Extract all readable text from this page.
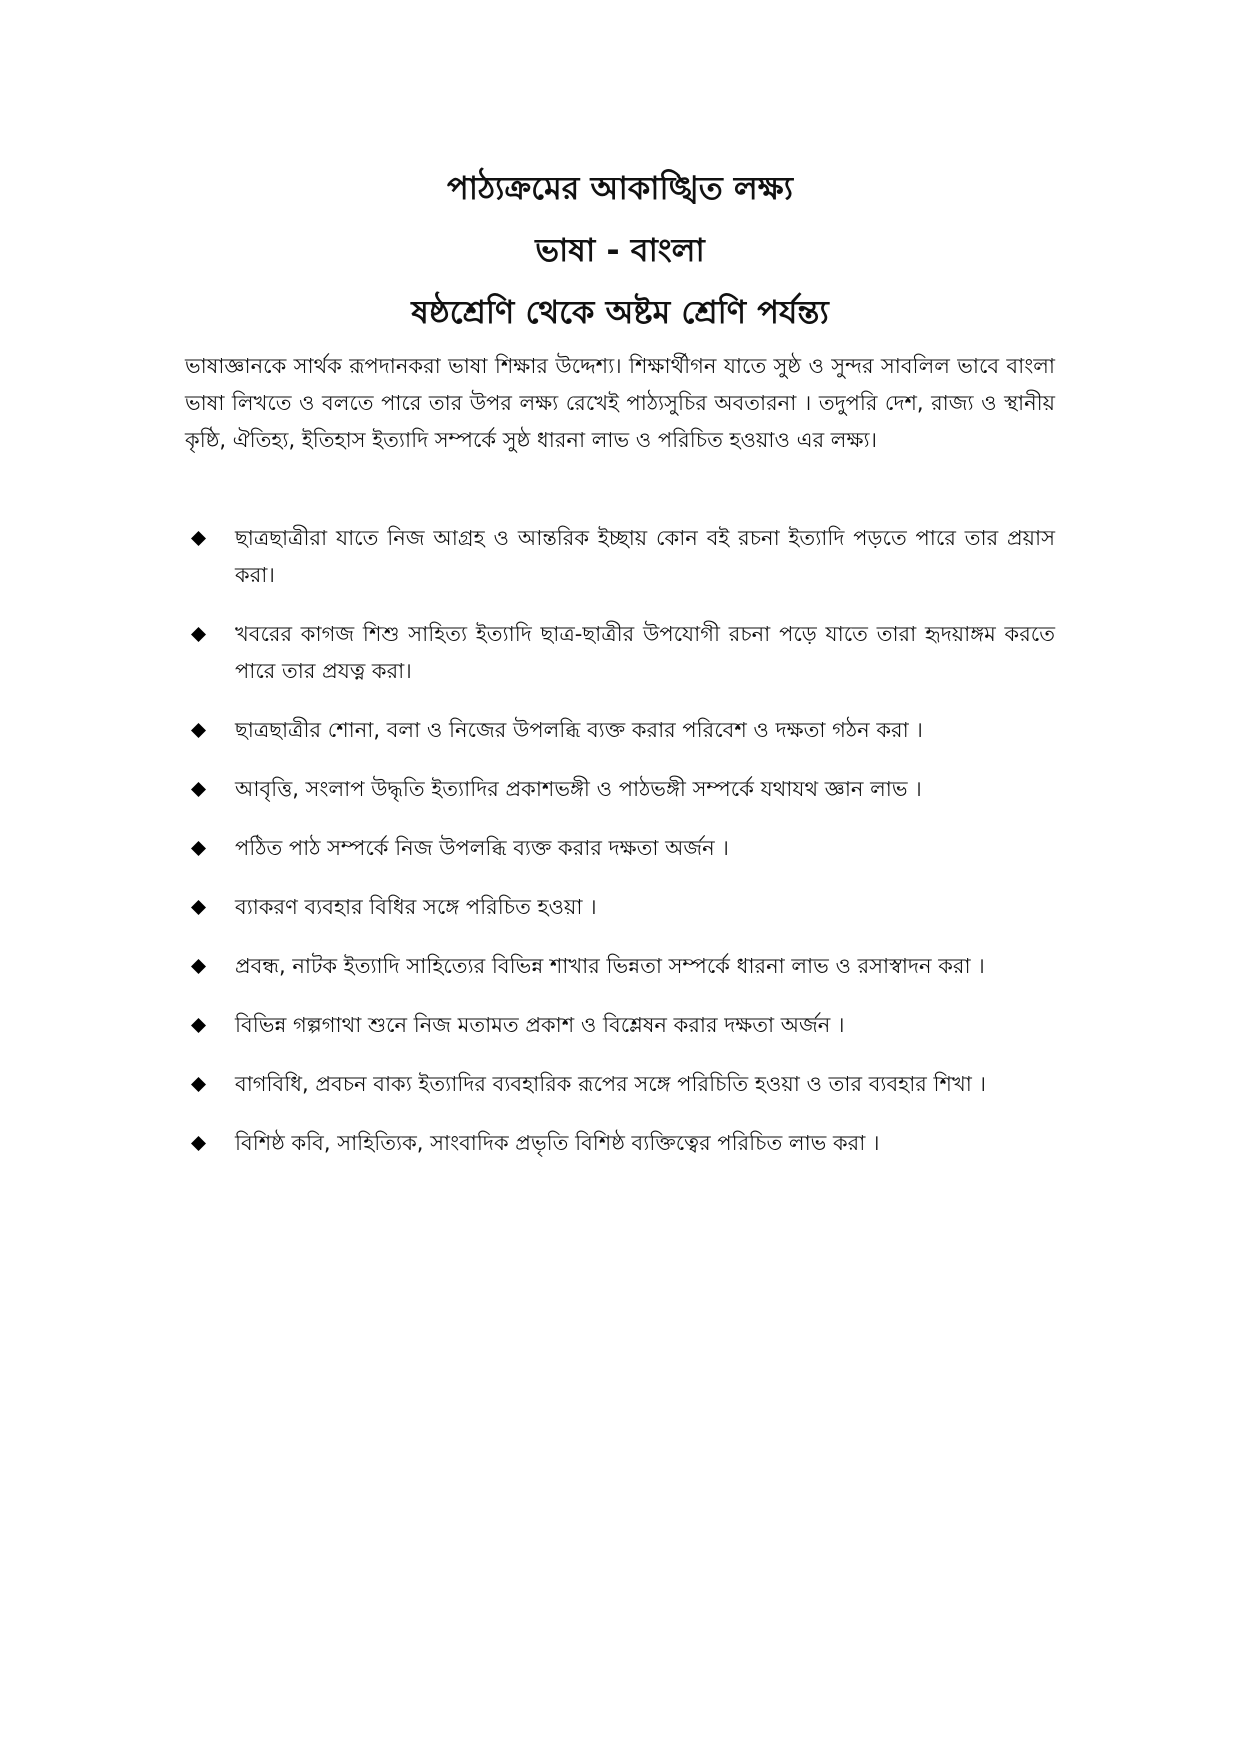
পাঠ্যক্রমের আকাঙ্খিত লক্ষ্য
ভাষা - বাংলা
ষষ্ঠশ্রেণি থেকে অষ্টম শ্রেণি পর্যন্ত্য

ভাষাজ্ঞানকে সার্থক রূপদানকরা ভাষা শিক্ষার উদ্দেশ্য। শিক্ষার্থীগন যাতে সুষ্ঠ ও সুন্দর সাবলিল ভাবে বাংলা ভাষা লিখতে ও বলতে পারে তার উপর লক্ষ্য রেখেই পাঠ্যসুচির অবতারনা । তদুপরি দেশ, রাজ্য ও স্থানীয় কৃষ্ঠি, ঐতিহ্য, ইতিহাস ইত্যাদি সম্পর্কে সুষ্ঠ ধারনা লাভ ও পরিচিত হওয়াও এর লক্ষ্য।

ছাত্রছাত্রীরা যাতে নিজ আগ্রহ ও আন্তরিক ইচ্ছায় কোন বই রচনা ইত্যাদি পড়তে পারে তার প্রয়াস করা।
খবরের কাগজ শিশু সাহিত্য ইত্যাদি ছাত্র-ছাত্রীর উপযোগী রচনা পড়ে যাতে তারা হৃদয়াঙ্গম করতে পারে তার প্রযত্ন করা।
ছাত্রছাত্রীর শোনা, বলা ও নিজের উপলব্ধি ব্যক্ত করার পরিবেশ ও দক্ষতা গঠন করা ।
আবৃত্তি, সংলাপ উদ্ধৃতি ইত্যাদির প্রকাশভঙ্গী ও পাঠভঙ্গী সম্পর্কে যথাযথ জ্ঞান লাভ ।
পঠিত পাঠ সম্পর্কে নিজ উপলব্ধি ব্যক্ত করার দক্ষতা অর্জন ।
ব্যাকরণ ব্যবহার বিধির সঙ্গে পরিচিত হওয়া ।
প্রবন্ধ, নাটক ইত্যাদি সাহিত্যের বিভিন্ন শাখার ভিন্নতা সম্পর্কে ধারনা লাভ ও রসাস্বাদন করা ।
বিভিন্ন গল্পগাথা শুনে নিজ মতামত প্রকাশ ও বিশ্লেষন করার দক্ষতা অর্জন ।
বাগবিধি, প্রবচন বাক্য ইত্যাদির ব্যবহারিক রূপের সঙ্গে পরিচিতি হওয়া ও তার ব্যবহার শিখা ।
বিশিষ্ঠ কবি, সাহিত্যিক, সাংবাদিক প্রভৃতি বিশিষ্ঠ ব্যক্তিত্বের পরিচিত লাভ করা ।
